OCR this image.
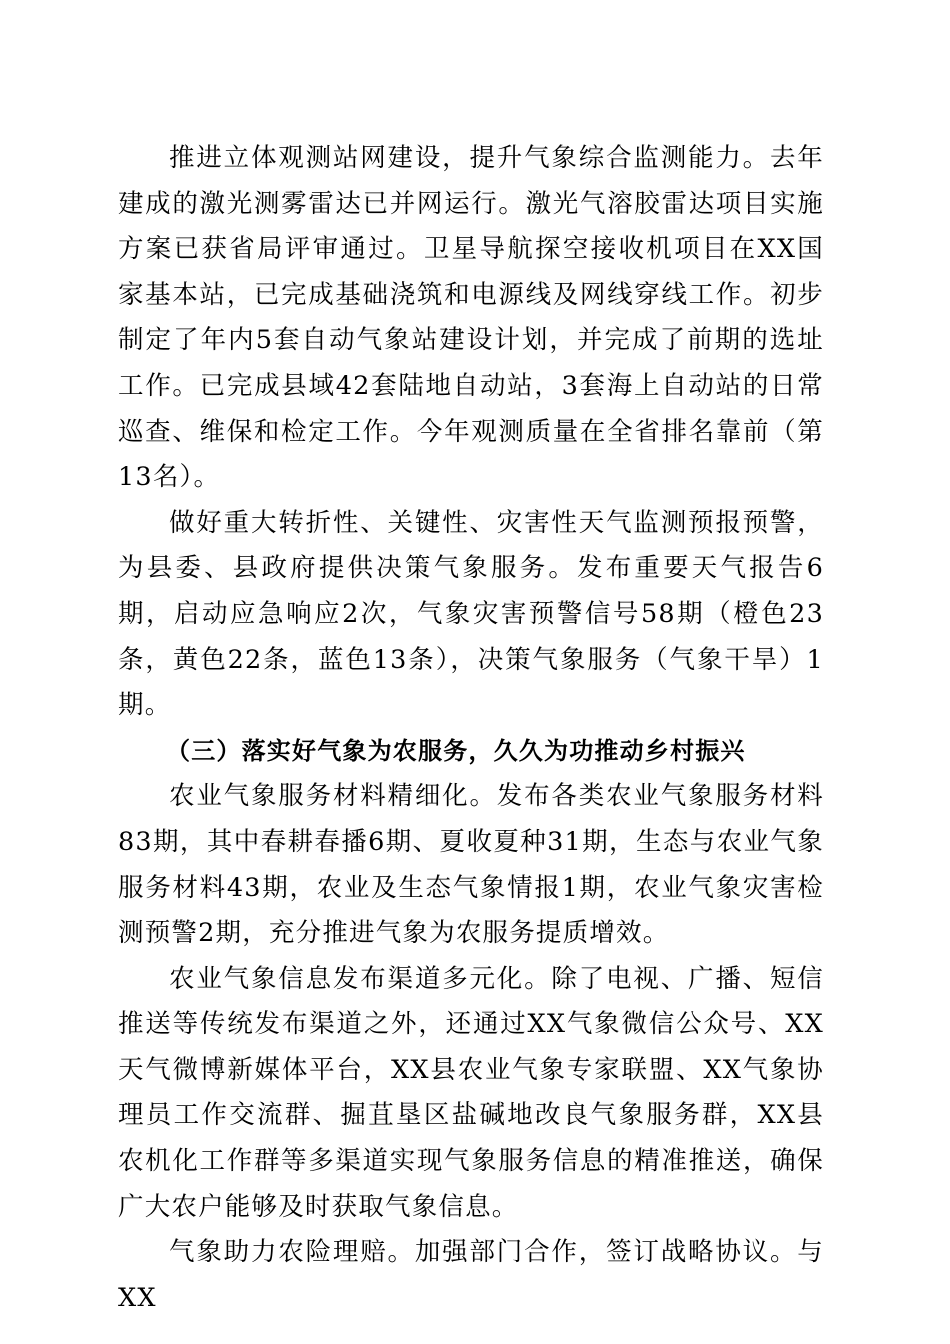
推进立体观测站网建设，提升气象综合监测能力。去年建成的激光测雾雷达已并网运行。激光气溶胶雷达项目实施方案已获省局评审通过。卫星导航探空接收机项目在XX国家基本站，已完成基础浇筑和电源线及网线穿线工作。初步制定了年内5套自动气象站建设计划，并完成了前期的选址工作。已完成县域42套陆地自动站，3套海上自动站的日常巡查、维保和检定工作。今年观测质量在全省排名靠前（第13名）。

做好重大转折性、关键性、灾害性天气监测预报预警，为县委、县政府提供决策气象服务。发布重要天气报告6期，启动应急响应2次，气象灾害预警信号58期（橙色23条，黄色22条，蓝色13条），决策气象服务（气象干旱）1期。

（三）落实好气象为农服务，久久为功推动乡村振兴

农业气象服务材料精细化。发布各类农业气象服务材料83期，其中春耕春播6期、夏收夏种31期，生态与农业气象服务材料43期，农业及生态气象情报1期，农业气象灾害检测预警2期，充分推进气象为农服务提质增效。

农业气象信息发布渠道多元化。除了电视、广播、短信推送等传统发布渠道之外，还通过XX气象微信公众号、XX天气微博新媒体平台，XX县农业气象专家联盟、XX气象协理员工作交流群、掘苴垦区盐碱地改良气象服务群，XX县农机化工作群等多渠道实现气象服务信息的精准推送，确保广大农户能够及时获取气象信息。

气象助力农险理赔。加强部门合作，签订战略协议。与XX
